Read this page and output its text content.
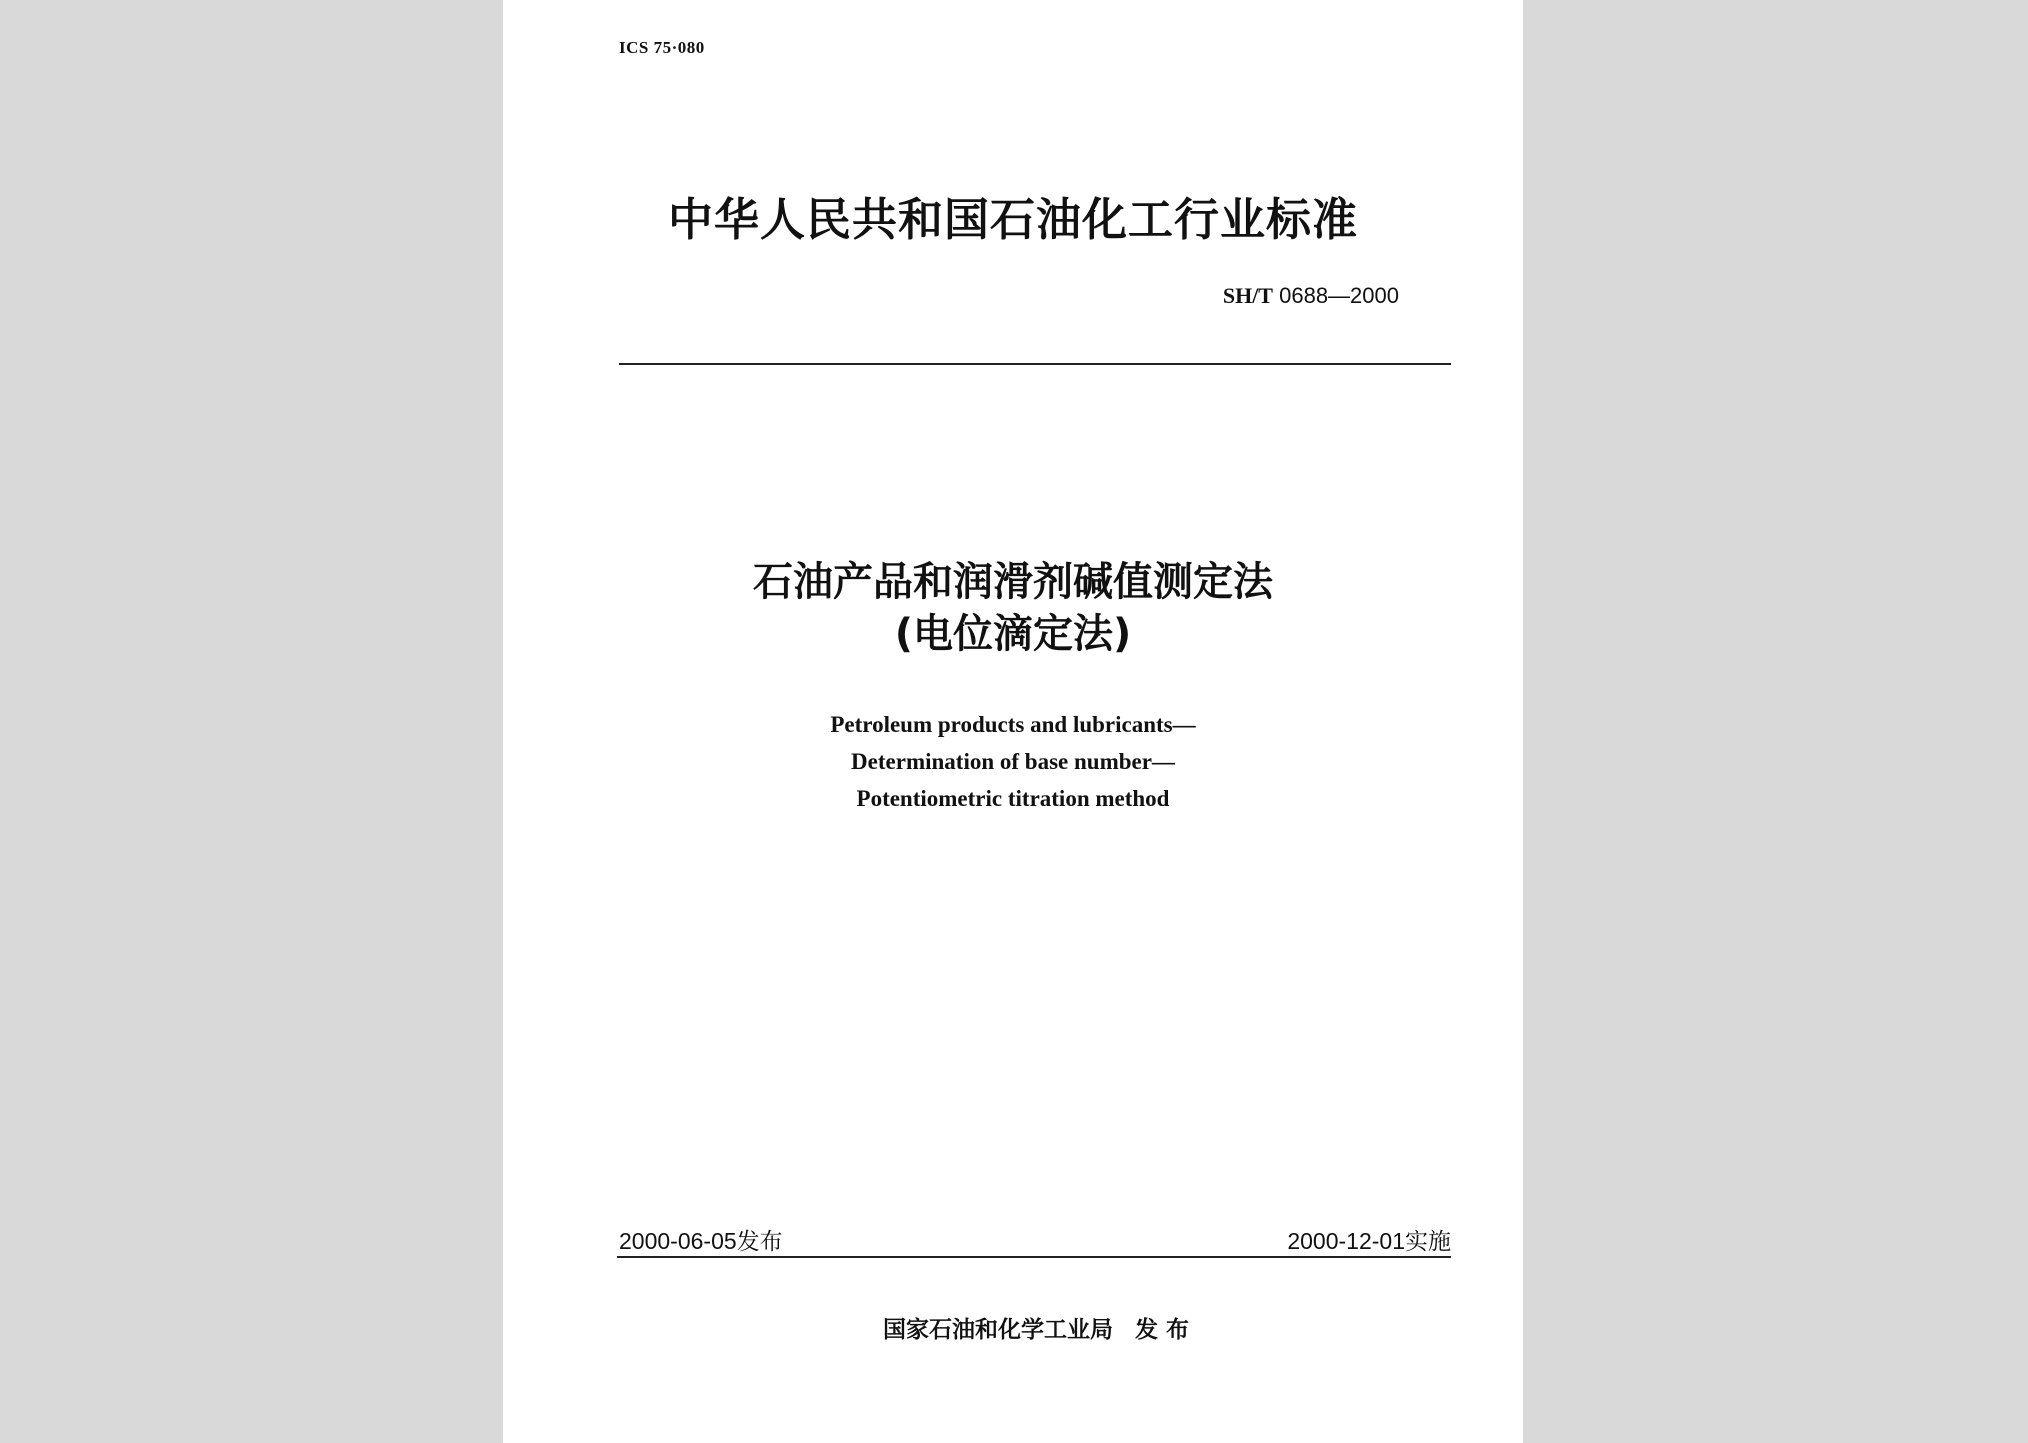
ICS 75·080
中华人民共和国石油化工行业标准
SH/T 0688—2000
石油产品和润滑剂碱值测定法
(电位滴定法)
Petroleum products and lubricants—
Determination of base number—
Potentiometric titration method
2000-06-05发布	2000-12-01实施
国家石油和化学工业局 发布
